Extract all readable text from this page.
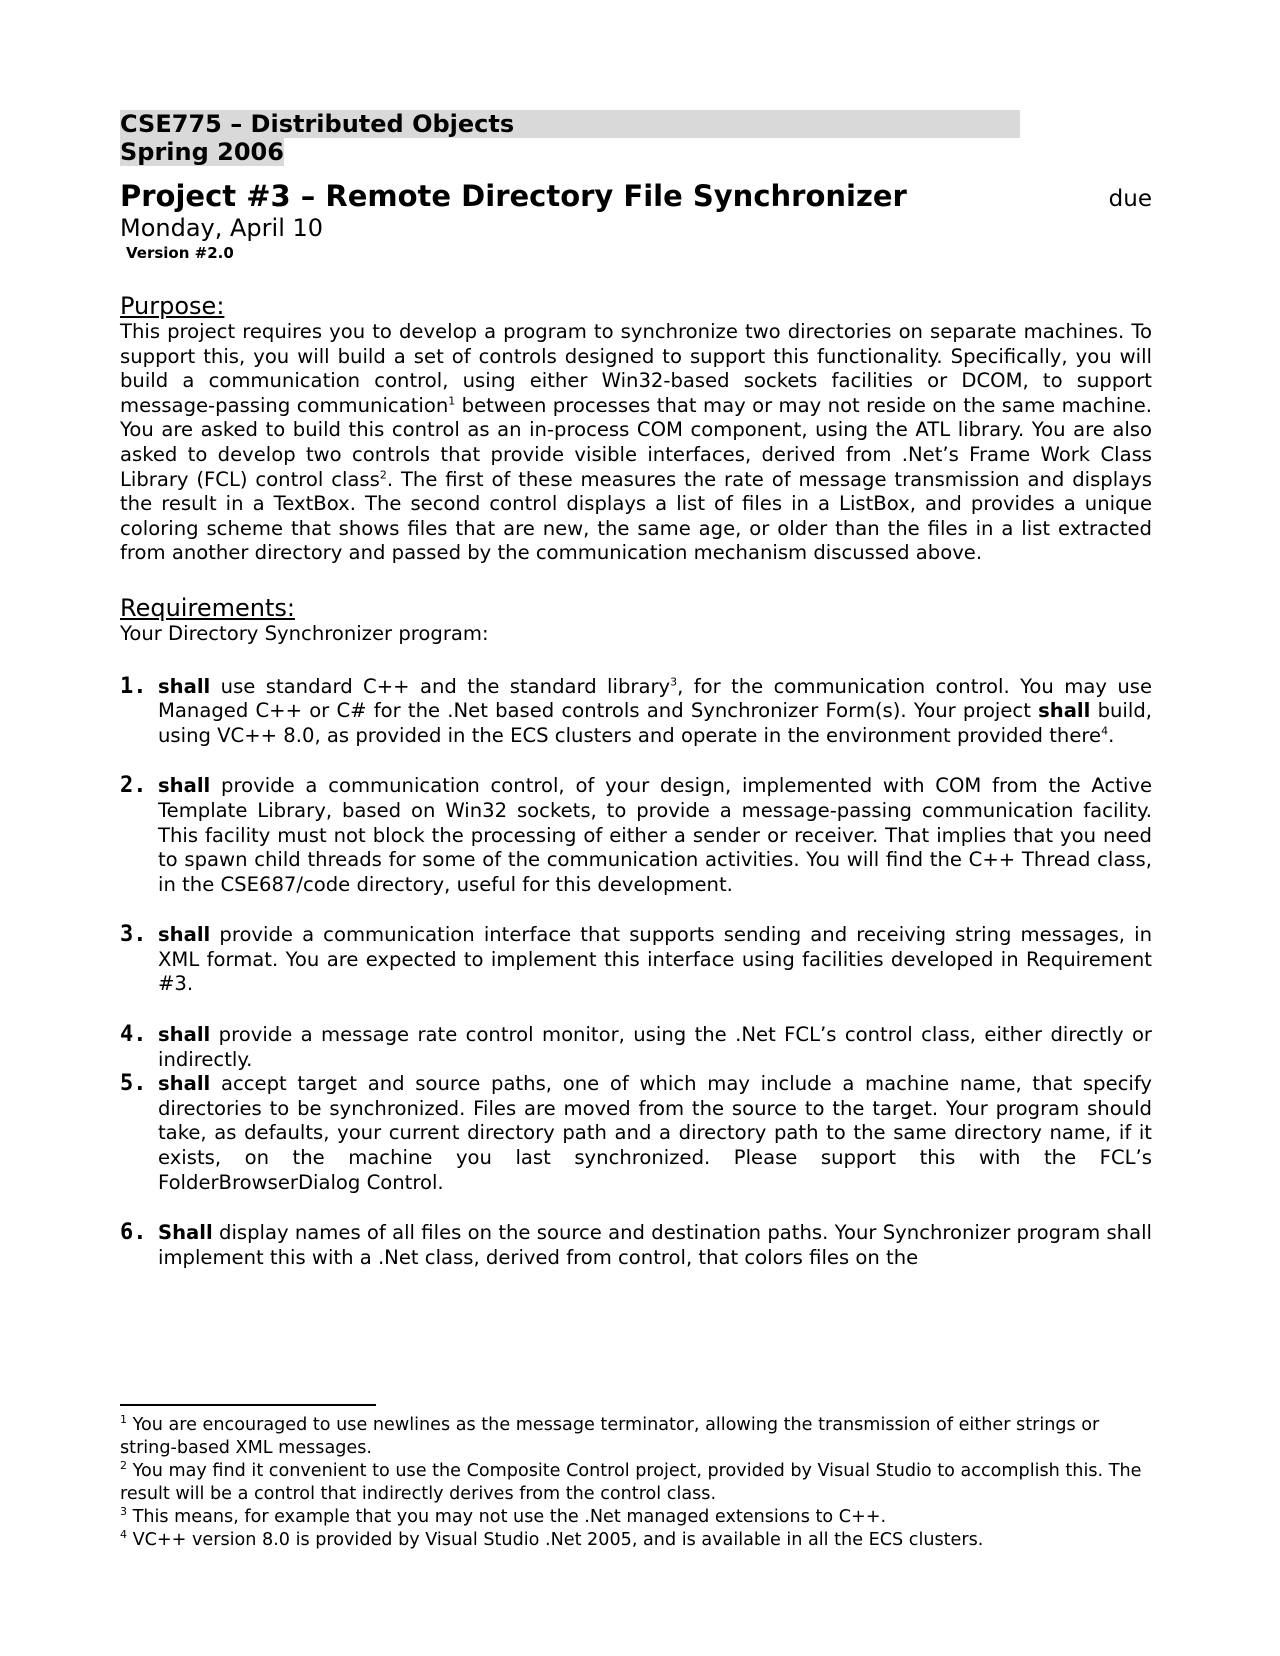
CSE775 – Distributed Objects
Spring 2006
Project #3 – Remote Directory File Synchronizer	due
Monday, April 10
Version #2.0
Purpose:

This project requires you to develop a program to synchronize two directories on separate machines. To support this, you will build a set of controls designed to support this functionality. Specifically, you will build a communication control, using either Win32-based sockets facilities or DCOM, to support message-passing communication$^1$ between processes that may or may not reside on the same machine. You are asked to build this control as an in-process COM component, using the ATL library. You are also asked to develop two controls that provide visible interfaces, derived from .Net’s Frame Work Class Library (FCL) control class$^2$. The first of these measures the rate of message transmission and displays the result in a TextBox. The second control displays a list of files in a ListBox, and provides a unique coloring scheme that shows files that are new, the same age, or older than the files in a list extracted from another directory and passed by the communication mechanism discussed above.

Requirements:

Your Directory Synchronizer program:

1. shall use standard C++ and the standard library$^3$, for the communication control. You may use Managed C++ or C# for the .Net based controls and Synchronizer Form(s). Your project shall build, using VC++ 8.0, as provided in the ECS clusters and operate in the environment provided there$^4$.
2. shall provide a communication control, of your design, implemented with COM from the Active Template Library, based on Win32 sockets, to provide a message-passing communication facility. This facility must not block the processing of either a sender or receiver. That implies that you need to spawn child threads for some of the communication activities. You will find the C++ Thread class, in the CSE687/code directory, useful for this development.
3. shall provide a communication interface that supports sending and receiving string messages, in XML format. You are expected to implement this interface using facilities developed in Requirement #3.
4. shall provide a message rate control monitor, using the .Net FCL’s control class, either directly or indirectly.
5. shall accept target and source paths, one of which may include a machine name, that specify directories to be synchronized. Files are moved from the source to the target. Your program should take, as defaults, your current directory path and a directory path to the same directory name, if it exists, on the machine you last synchronized. Please support this with the FCL’s FolderBrowserDialog Control.
6. Shall display names of all files on the source and destination paths. Your Synchronizer program shall implement this with a .Net class, derived from control, that colors files on the

$^1$ You are encouraged to use newlines as the message terminator, allowing the transmission of either strings or string-based XML messages.

$^2$ You may find it convenient to use the Composite Control project, provided by Visual Studio to accomplish this. The result will be a control that indirectly derives from the control class.

$^3$ This means, for example that you may not use the .Net managed extensions to C++.

$^4$ VC++ version 8.0 is provided by Visual Studio .Net 2005, and is available in all the ECS clusters.
